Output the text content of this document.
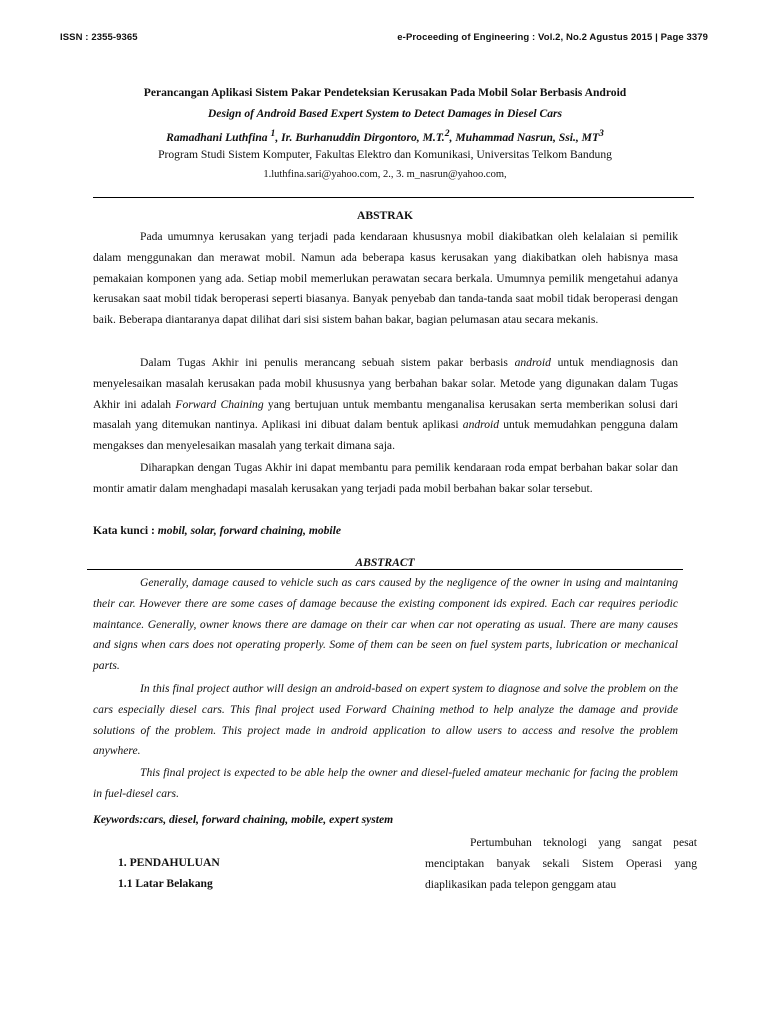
ISSN : 2355-9365	e-Proceeding of Engineering : Vol.2, No.2 Agustus 2015 | Page 3379
Perancangan Aplikasi Sistem Pakar Pendeteksian Kerusakan Pada Mobil Solar Berbasis Android
Design of Android Based Expert System to Detect Damages in Diesel Cars
Ramadhani Luthfina $^1$, Ir. Burhanuddin Dirgontoro, M.T.$^2$, Muhammad Nasrun, Ssi., $MT^3$
Program Studi Sistem Komputer, Fakultas Elektro dan Komunikasi, Universitas Telkom Bandung
1.luthfina.sari@yahoo.com, 2., 3. m_nasrun@yahoo.com,
ABSTRAK

Pada umumnya kerusakan yang terjadi pada kendaraan khususnya mobil diakibatkan oleh kelalaian si pemilik dalam menggunakan dan merawat mobil. Namun ada beberapa kasus kerusakan yang diakibatkan oleh habisnya masa pemakaian komponen yang ada. Setiap mobil memerlukan perawatan secara berkala. Umumnya pemilik mengetahui adanya kerusakan saat mobil tidak beroperasi seperti biasanya. Banyak penyebab dan tanda-tanda saat mobil tidak beroperasi dengan baik. Beberapa diantaranya dapat dilihat dari sisi sistem bahan bakar, bagian pelumasan atau secara mekanis.

Dalam Tugas Akhir ini penulis merancang sebuah sistem pakar berbasis android untuk mendiagnosis dan menyelesaikan masalah kerusakan pada mobil khususnya yang berbahan bakar solar. Metode yang digunakan dalam Tugas Akhir ini adalah Forward Chaining yang bertujuan untuk membantu menganalisa kerusakan serta memberikan solusi dari masalah yang ditemukan nantinya. Aplikasi ini dibuat dalam bentuk aplikasi android untuk memudahkan pengguna dalam mengakses dan menyelesaikan masalah yang terkait dimana saja.

Diharapkan dengan Tugas Akhir ini dapat membantu para pemilik kendaraan roda empat berbahan bakar solar dan montir amatir dalam menghadapi masalah kerusakan yang terjadi pada mobil berbahan bakar solar tersebut.

Kata kunci : mobil, solar, forward chaining, mobile
ABSTRACT

Generally, damage caused to vehicle such as cars caused by the negligence of the owner in using and maintaning their car. However there are some cases of damage because the existing component ids expired. Each car requires periodic maintance. Generally, owner knows there are damage on their car when car not operating as usual. There are many causes and signs when cars does not operating properly. Some of them can be seen on fuel system parts, lubrication or mechanical parts.

In this final project author will design an android-based on expert system to diagnose and solve the problem on the cars especially diesel cars. This final project used Forward Chaining method to help analyze the damage and provide solutions of the problem. This project made in android application to allow users to access and resolve the problem anywhere.

This final project is expected to be able help the owner and diesel-fueled amateur mechanic for facing the problem in fuel-diesel cars.

Keywords:cars, diesel, forward chaining, mobile, expert system
1. PENDAHULUAN
1.1 Latar Belakang

Pertumbuhan teknologi yang sangat pesat menciptakan banyak sekali Sistem Operasi yang diaplikasikan pada telepon genggam atau
